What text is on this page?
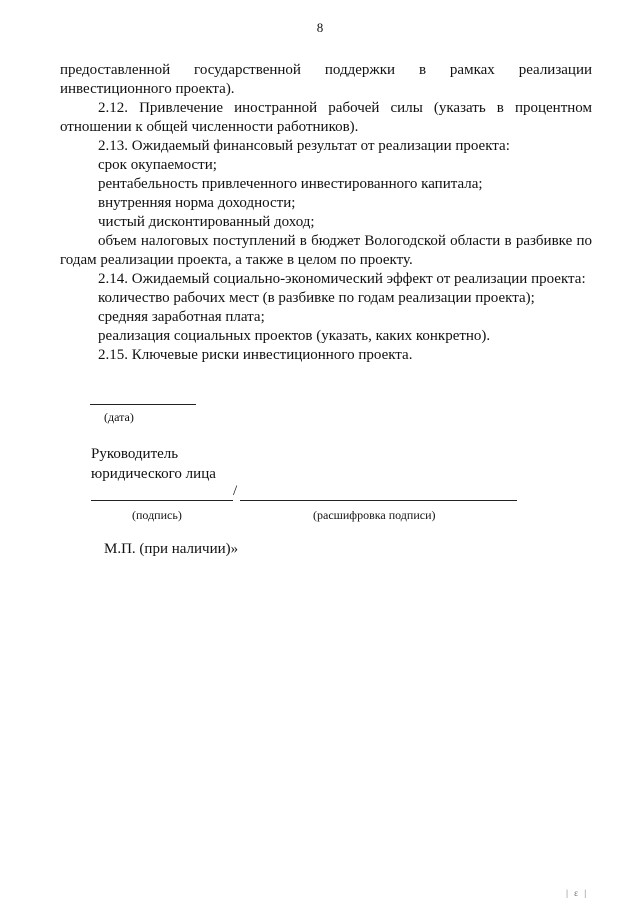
8

предоставленной государственной поддержки в рамках реализации

инвестиционного проекта).

2.12. Привлечение иностранной рабочей силы (указать в процентном

отношении к общей численности работников).

2.13. Ожидаемый финансовый результат от реализации проекта:

срок окупаемости;

рентабельность привлеченного инвестированного капитала;

внутренняя норма доходности;

чистый дисконтированный доход;

объем налоговых поступлений в бюджет Вологодской области в разбивке по

годам реализации проекта, а также в целом по проекту.

2.14. Ожидаемый социально-экономический эффект от реализации проекта:

количество рабочих мест (в разбивке по годам реализации проекта);

средняя заработная плата;

реализация социальных проектов (указать, каких конкретно).

2.15. Ключевые риски инвестиционного проекта.

(дата)
Руководитель
юридического лица
/
(подпись)	(расшифровка подписи)
М.П. (при наличии)»
| ε |
